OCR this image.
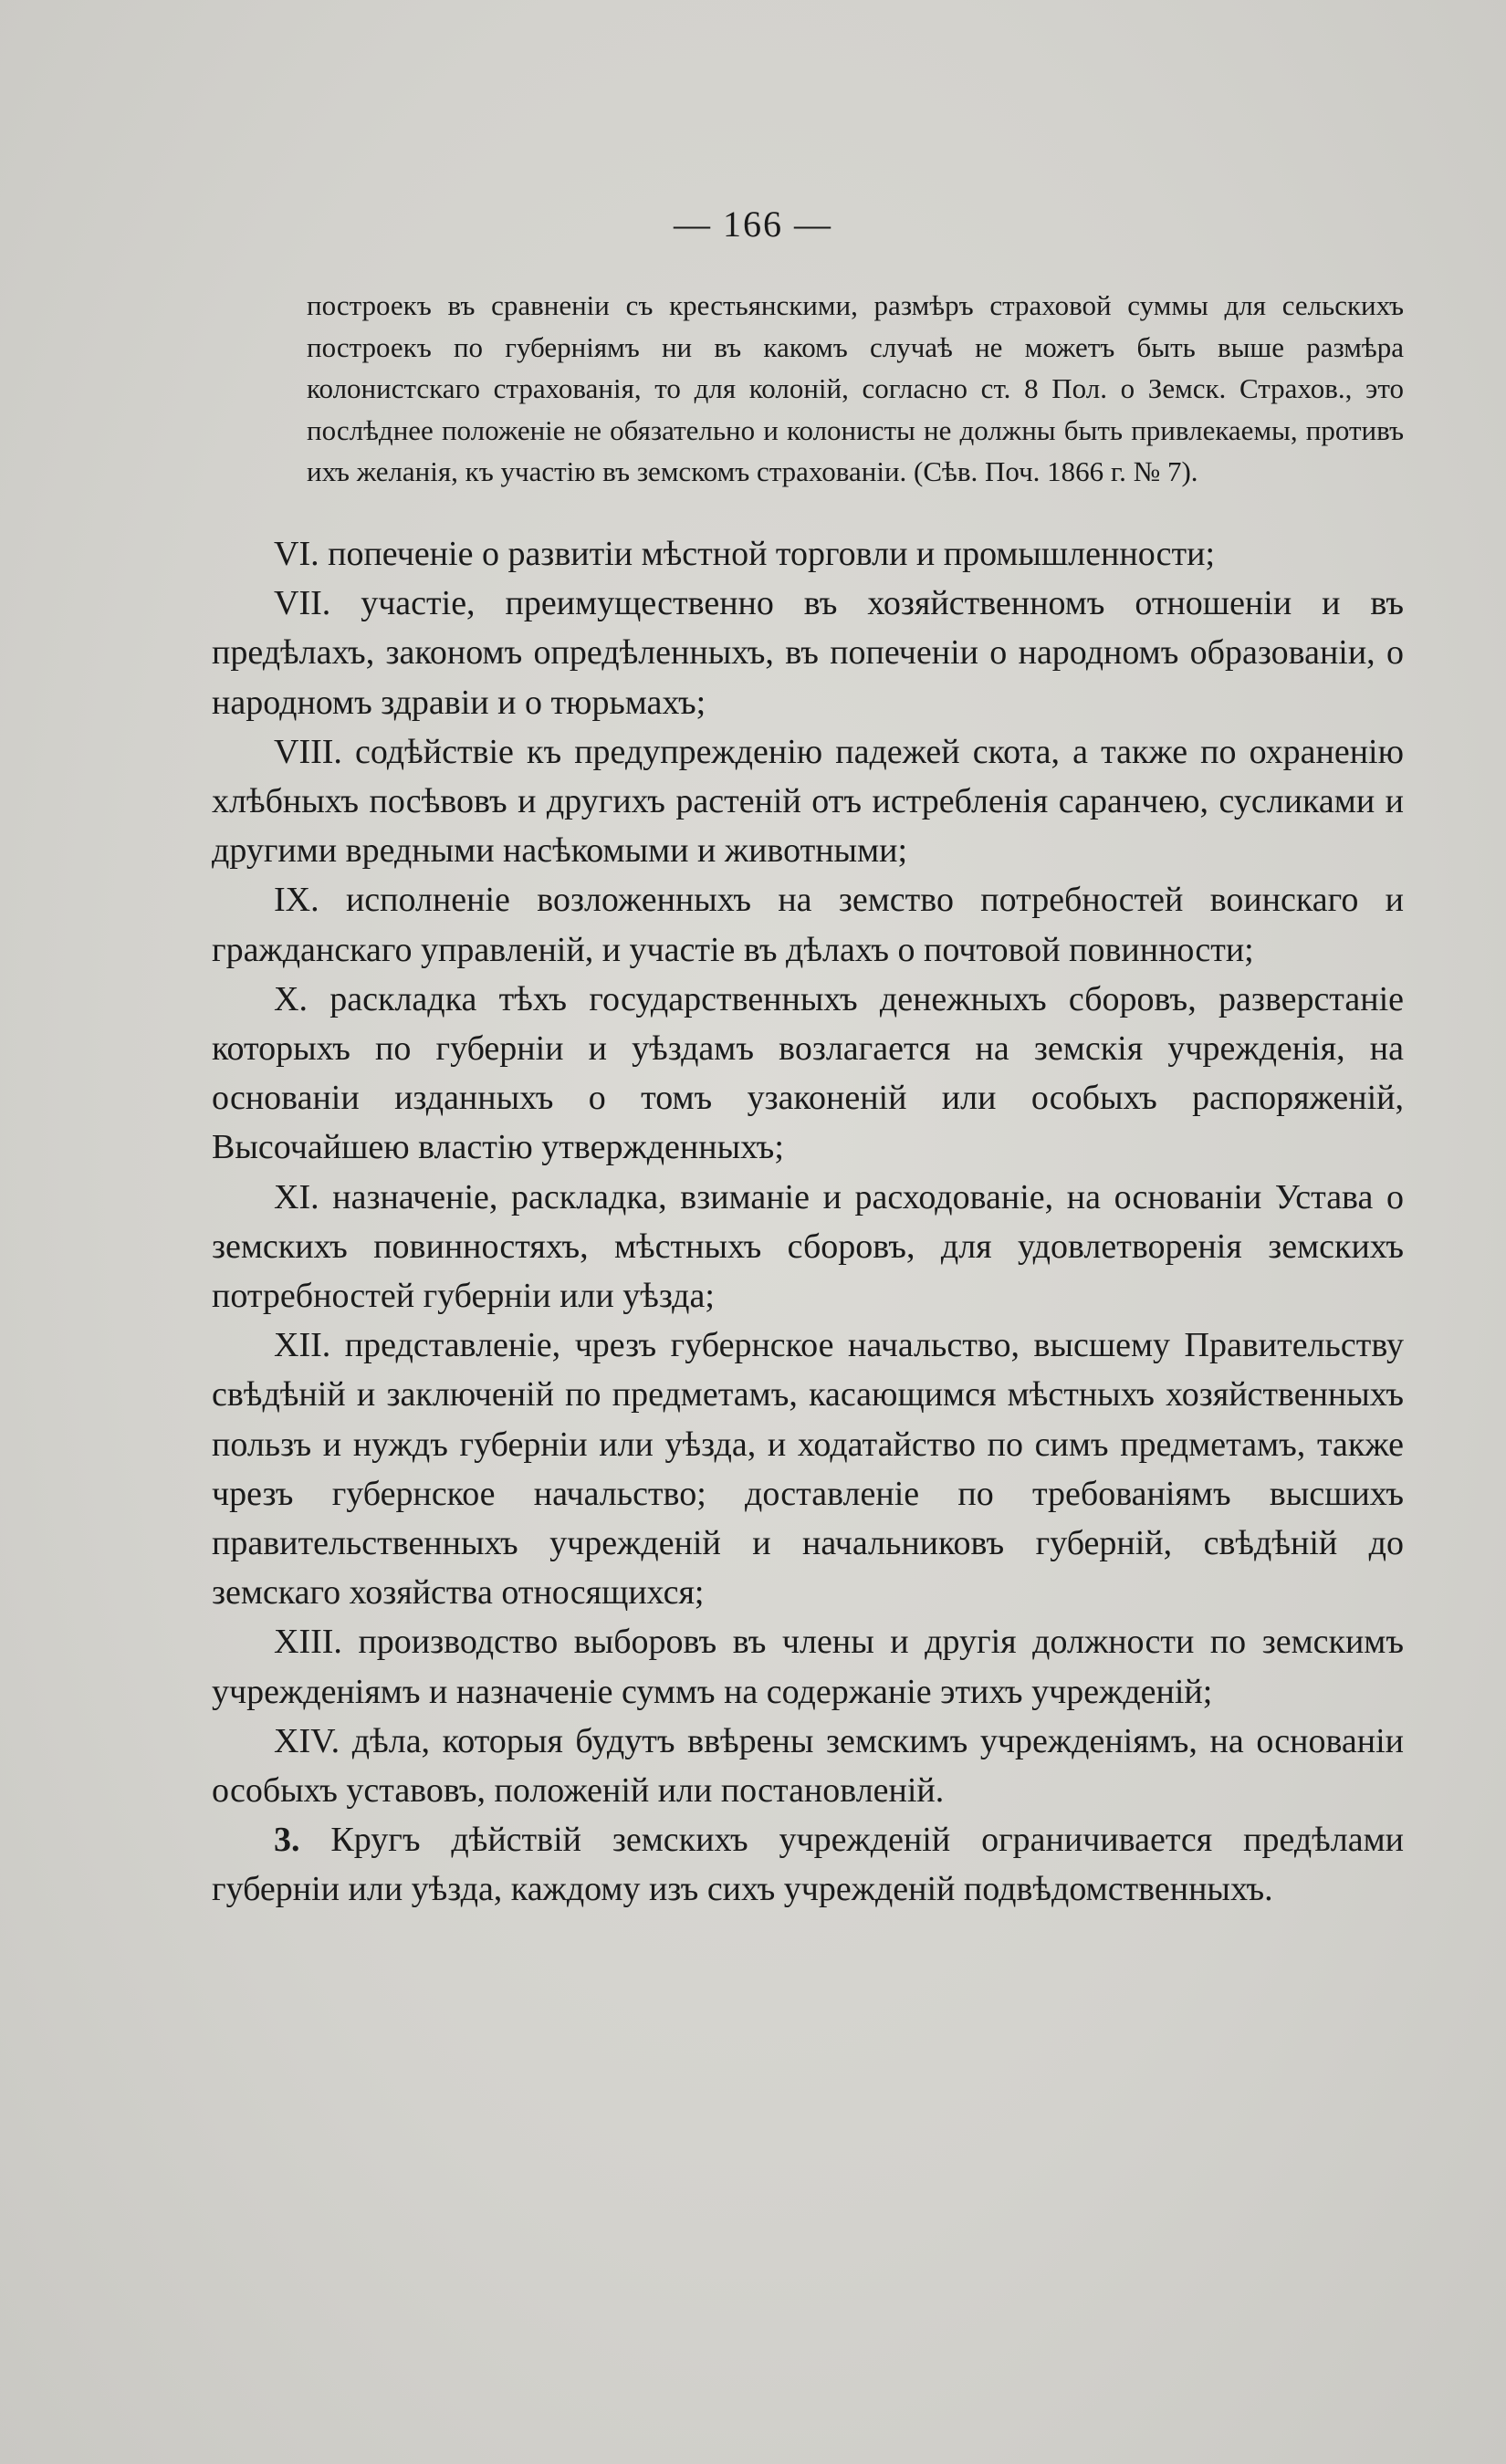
— 166 —
построекъ въ сравненіи съ крестьянскими, размѣръ страховой суммы для сельскихъ построекъ по губерніямъ ни въ какомъ случаѣ не можетъ быть выше размѣра колонистскаго страхованія, то для колоній, согласно ст. 8 Пол. о Земск. Страхов., это послѣднее положеніе не обязательно и колонисты не должны быть привлекаемы, противъ ихъ желанія, къ участію въ земскомъ страхованіи. (Сѣв. Поч. 1866 г. № 7).

VI. попеченіе о развитіи мѣстной торговли и промышленности;

VII. участіе, преимущественно въ хозяйственномъ отношеніи и въ предѣлахъ, закономъ опредѣленныхъ, въ попеченіи о народномъ образованіи, о народномъ здравіи и о тюрьмахъ;

VIII. содѣйствіе къ предупрежденію падежей скота, а также по охраненію хлѣбныхъ посѣвовъ и другихъ растеній отъ истребленія саранчею, сусликами и другими вредными насѣкомыми и животными;

IX. исполненіе возложенныхъ на земство потребностей воинскаго и гражданскаго управленій, и участіе въ дѣлахъ о почтовой повинности;

X. раскладка тѣхъ государственныхъ денежныхъ сборовъ, разверстаніе которыхъ по губерніи и уѣздамъ возлагается на земскія учрежденія, на основаніи изданныхъ о томъ узаконеній или особыхъ распоряженій, Высочайшею властію утвержденныхъ;

XI. назначеніе, раскладка, взиманіе и расходованіе, на основаніи Устава о земскихъ повинностяхъ, мѣстныхъ сборовъ, для удовлетворенія земскихъ потребностей губерніи или уѣзда;

XII. представленіе, чрезъ губернское начальство, высшему Правительству свѣдѣній и заключеній по предметамъ, касающимся мѣстныхъ хозяйственныхъ пользъ и нуждъ губерніи или уѣзда, и ходатайство по симъ предметамъ, также чрезъ губернское начальство; доставленіе по требованіямъ высшихъ правительственныхъ учрежденій и начальниковъ губерній, свѣдѣній до земскаго хозяйства относящихся;

XIII. производство выборовъ въ члены и другія должности по земскимъ учрежденіямъ и назначеніе суммъ на содержаніе этихъ учрежденій;

XIV. дѣла, которыя будутъ ввѣрены земскимъ учрежденіямъ, на основаніи особыхъ уставовъ, положеній или постановленій.

3. Кругъ дѣйствій земскихъ учрежденій ограничивается предѣлами губерніи или уѣзда, каждому изъ сихъ учрежденій подвѣдомственныхъ.
